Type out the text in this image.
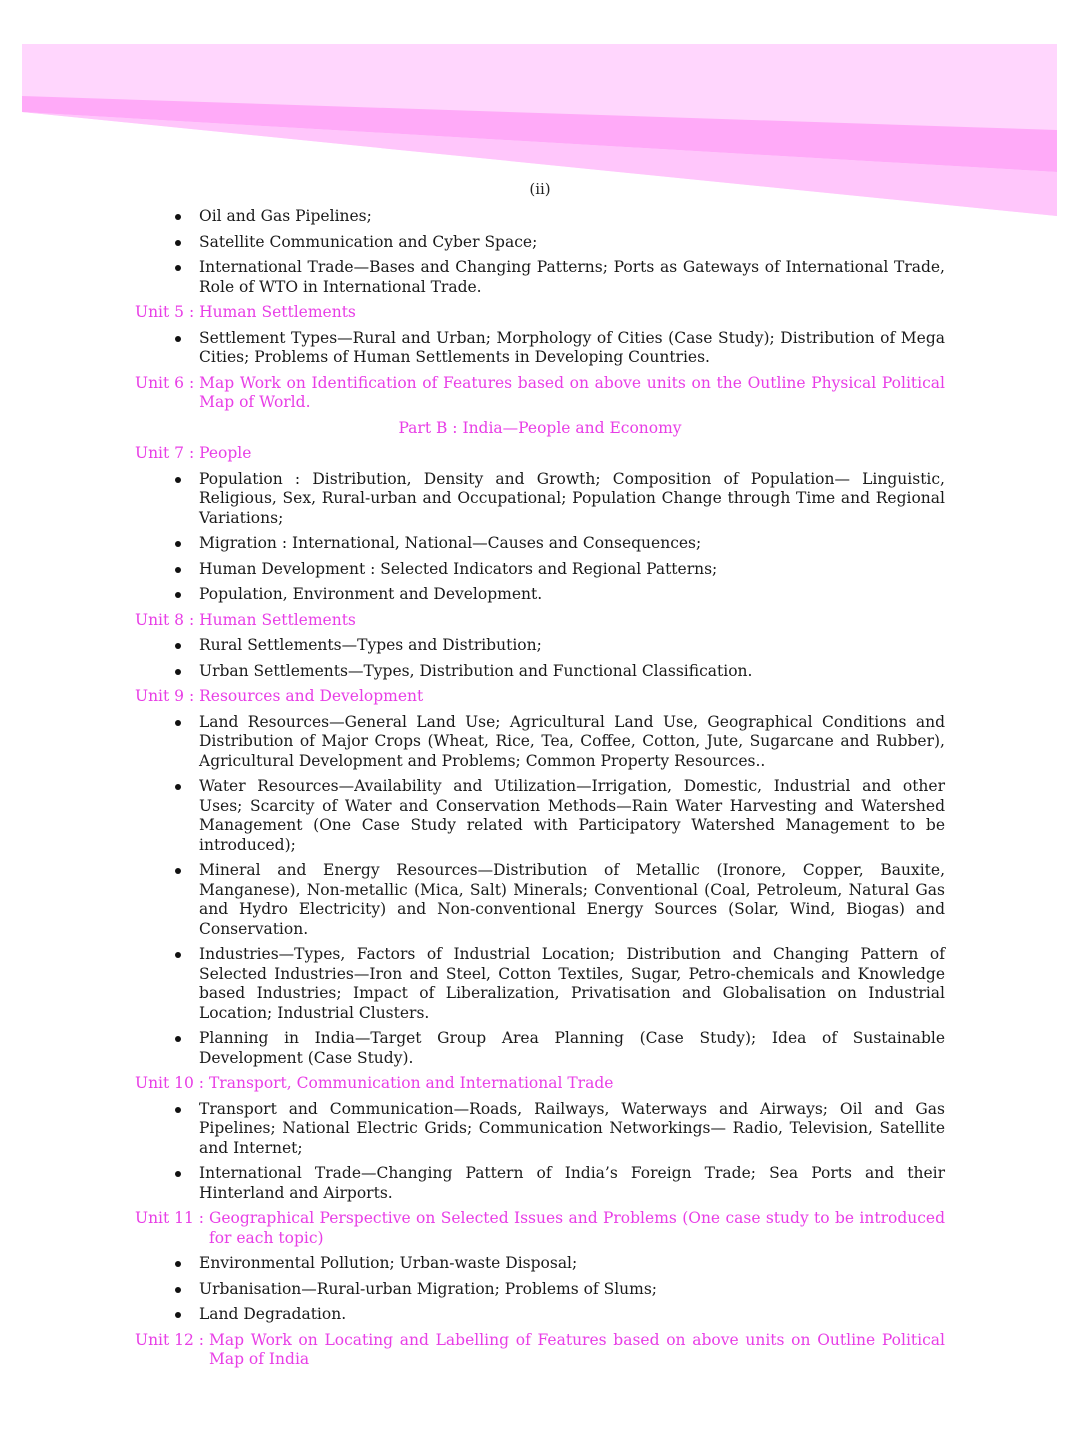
(ii)
Oil and Gas Pipelines;
Satellite Communication and Cyber Space;
International Trade—Bases and Changing Patterns; Ports as Gateways of International Trade, Role of WTO in International Trade.
Unit 5 : Human Settlements
Settlement Types—Rural and Urban; Morphology of Cities (Case Study); Distribution of Mega Cities; Problems of Human Settlements in Developing Countries.
Unit 6 : Map Work on Identification of Features based on above units on the Outline Physical Political Map of World.
Part B : India—People and Economy
Unit 7 : People
Population : Distribution, Density and Growth; Composition of Population— Linguistic, Religious, Sex, Rural-urban and Occupational; Population Change through Time and Regional Variations;
Migration : International, National—Causes and Consequences;
Human Development : Selected Indicators and Regional Patterns;
Population, Environment and Development.
Unit 8 : Human Settlements
Rural Settlements—Types and Distribution;
Urban Settlements—Types, Distribution and Functional Classification.
Unit 9 : Resources and Development
Land Resources—General Land Use; Agricultural Land Use, Geographical Conditions and Distribution of Major Crops (Wheat, Rice, Tea, Coffee, Cotton, Jute, Sugarcane and Rubber), Agricultural Development and Problems; Common Property Resources..
Water Resources—Availability and Utilization—Irrigation, Domestic, Industrial and other Uses; Scarcity of Water and Conservation Methods—Rain Water Harvesting and Watershed Management (One Case Study related with Participatory Watershed Management to be introduced);
Mineral and Energy Resources—Distribution of Metallic (Ironore, Copper, Bauxite, Manganese), Non-metallic (Mica, Salt) Minerals; Conventional (Coal, Petroleum, Natural Gas and Hydro Electricity) and Non-conventional Energy Sources (Solar, Wind, Biogas) and Conservation.
Industries—Types, Factors of Industrial Location; Distribution and Changing Pattern of Selected Industries—Iron and Steel, Cotton Textiles, Sugar, Petro-chemicals and Knowledge based Industries; Impact of Liberalization, Privatisation and Globalisation on Industrial Location; Industrial Clusters.
Planning in India—Target Group Area Planning (Case Study); Idea of Sustainable Development (Case Study).
Unit 10 : Transport, Communication and International Trade
Transport and Communication—Roads, Railways, Waterways and Airways; Oil and Gas Pipelines; National Electric Grids; Communication Networkings— Radio, Television, Satellite and Internet;
International Trade—Changing Pattern of India’s Foreign Trade; Sea Ports and their Hinterland and Airports.
Unit 11 : Geographical Perspective on Selected Issues and Problems (One case study to be introduced for each topic)
Environmental Pollution; Urban-waste Disposal;
Urbanisation—Rural-urban Migration; Problems of Slums;
Land Degradation.
Unit 12 : Map Work on Locating and Labelling of Features based on above units on Outline Political Map of India
